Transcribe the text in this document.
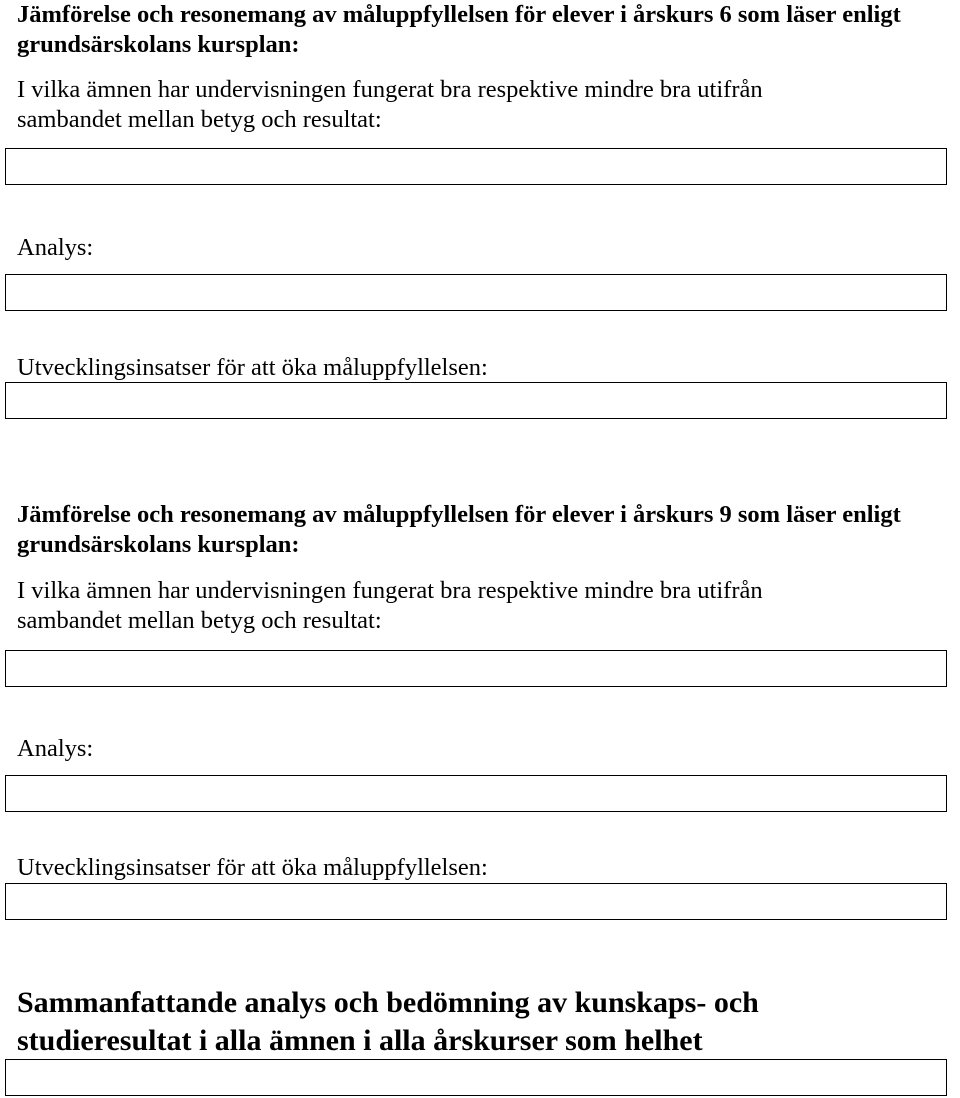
Jämförelse och resonemang av måluppfyllelsen för elever i årskurs 6 som läser enligt grundsärskolans kursplan:
I vilka ämnen har undervisningen fungerat bra respektive mindre bra utifrån sambandet mellan betyg och resultat:
Analys:
Utvecklingsinsatser för att öka måluppfyllelsen:
Jämförelse och resonemang av måluppfyllelsen för elever i årskurs 9 som läser enligt grundsärskolans kursplan:
I vilka ämnen har undervisningen fungerat bra respektive mindre bra utifrån sambandet mellan betyg och resultat:
Analys:
Utvecklingsinsatser för att öka måluppfyllelsen:
Sammanfattande analys och bedömning av kunskaps- och studieresultat i alla ämnen i alla årskurser som helhet
